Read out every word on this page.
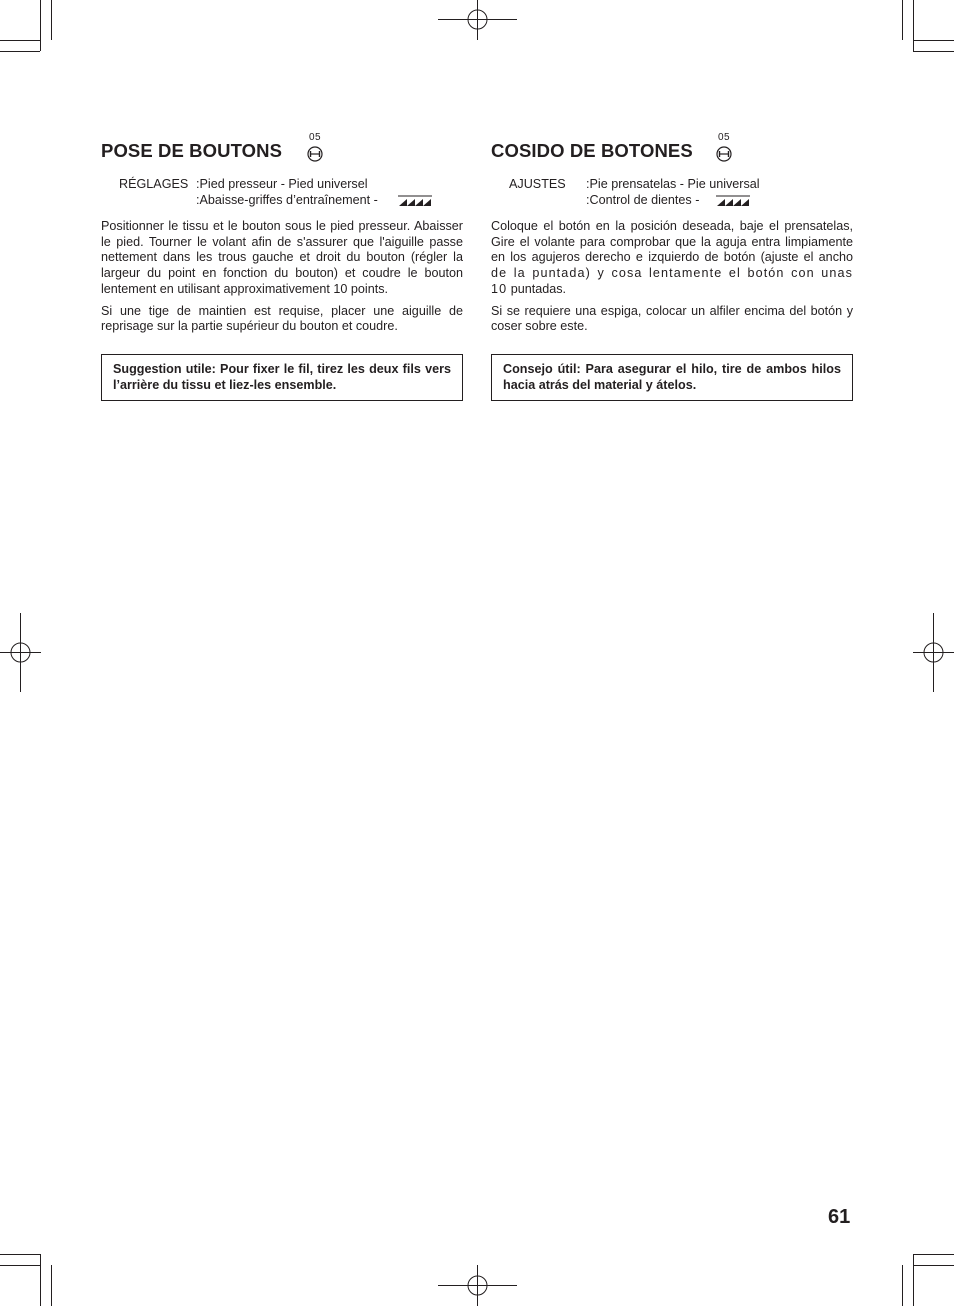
POSE DE BOUTONS
05
RÉGLAGES :Pied presseur - Pied universel
:Abaisse-griffes d’entraînement -

Positionner le tissu et le bouton sous le pied presseur. Abaisser le pied. Tourner le volant afin de s'assurer que l'aiguille passe nettement dans les trous gauche et droit du bouton (régler la largeur du point en fonction du bouton) et coudre le bouton lentement en utilisant approximativement 10 points.

Si une tige de maintien est requise, placer une aiguille de reprisage sur la partie supérieur du bouton et coudre.

Suggestion utile: Pour fixer le fil, tirez les deux fils vers l’arrière du tissu et liez-les ensemble.
COSIDO DE BOTONES
05
AJUSTES :Pie prensatelas - Pie universal
:Control de dientes -

Coloque el botón en la posición deseada, baje el prensatelas, Gire el volante para comprobar que la aguja entra limpiamente en los agujeros derecho e izquierdo de botón (ajuste el ancho de la puntada) y cosa lentamente el botón con unas 10 puntadas.

Si se requiere una espiga, colocar un alfiler encima del botón y coser sobre este.

Consejo útil: Para asegurar el hilo, tire de ambos hilos hacia atrás del material y átelos.
61
